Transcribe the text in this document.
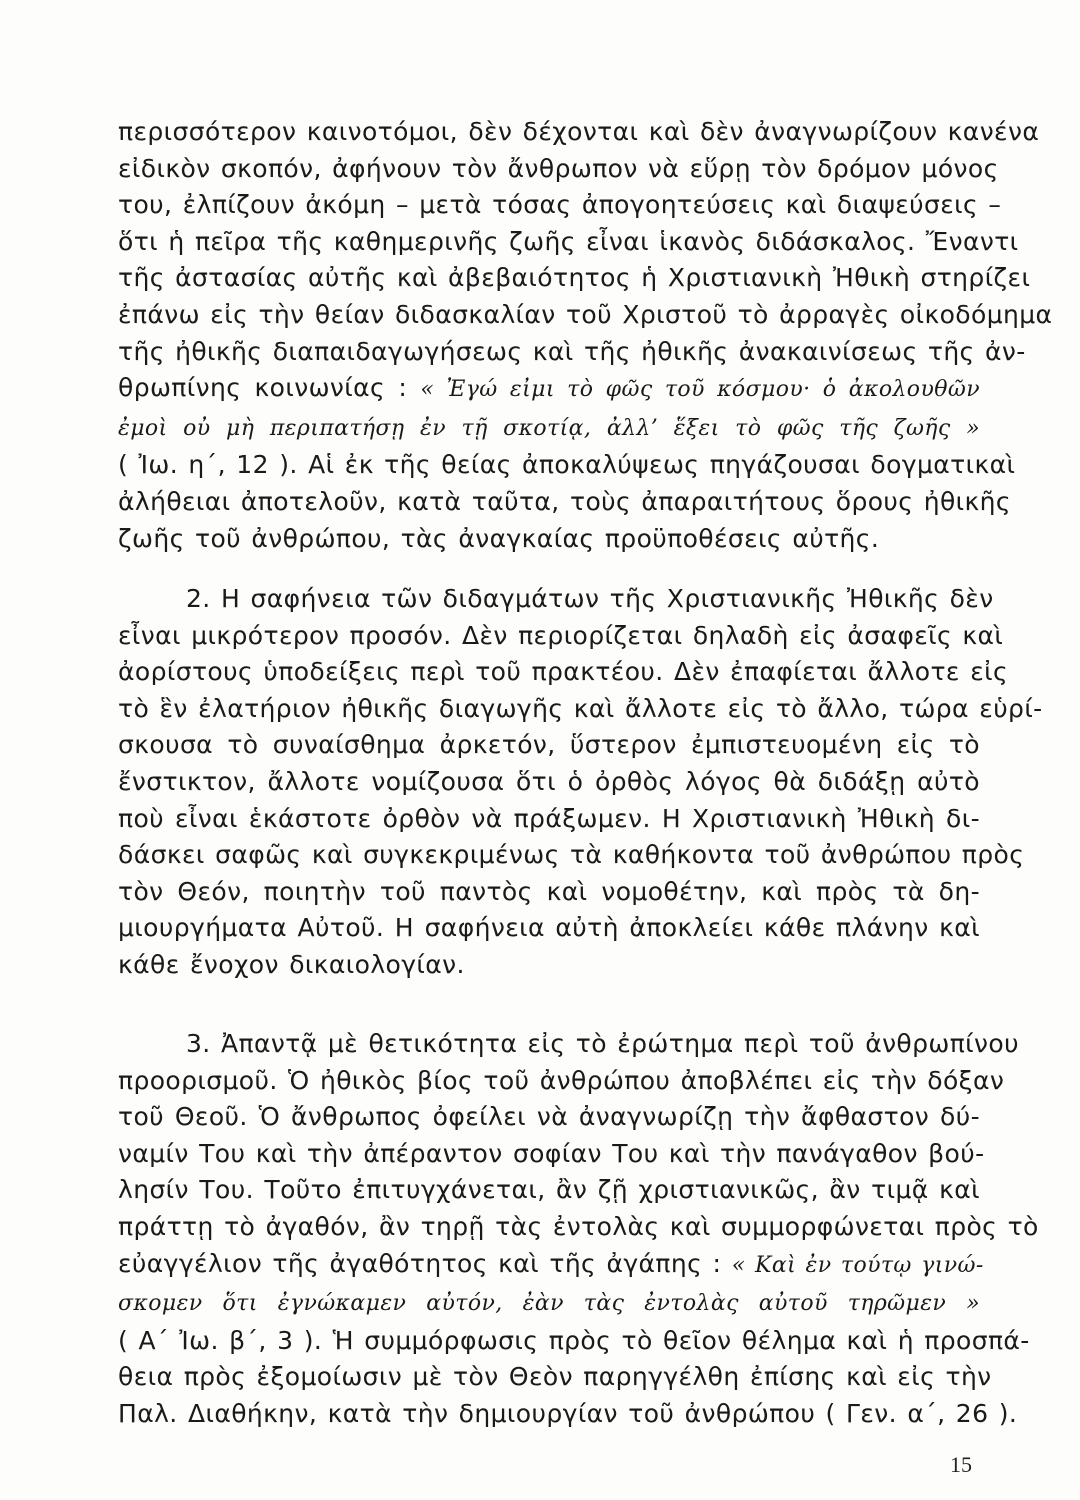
περισσότερον καινοτόμοι, δὲν δέχονται καὶ δὲν ἀναγνωρίζουν κανένα
εἰδικὸν σκοπόν, ἀφήνουν τὸν ἄνθρωπον νὰ εὕρῃ τὸν δρόμον μόνος
του, ἐλπίζουν ἀκόμη – μετὰ τόσας ἀπογοητεύσεις καὶ διαψεύσεις –
ὅτι ἡ πεῖρα τῆς καθημερινῆς ζωῆς εἶναι ἱκανὸς διδάσκαλος. Ἔναντι
τῆς ἀστασίας αὐτῆς καὶ ἀβεβαιότητος ἡ Χριστιανικὴ Ἠθικὴ στηρίζει
ἐπάνω εἰς τὴν θείαν διδασκαλίαν τοῦ Χριστοῦ τὸ ἀρραγὲς οἰκοδόμημα
τῆς ἠθικῆς διαπαιδαγωγήσεως καὶ τῆς ἠθικῆς ἀνακαινίσεως τῆς ἀν-
θρωπίνης κοινωνίας : « Ἐγώ εἰμι τὸ φῶς τοῦ κόσμου· ὁ ἀκολουθῶν
ἐμοὶ οὐ μὴ περιπατήσῃ ἐν τῇ σκοτίᾳ, ἀλλ’ ἕξει τὸ φῶς τῆς ζωῆς »
( Ἰω. η΄, 12 ). Αἱ ἐκ τῆς θείας ἀποκαλύψεως πηγάζουσαι δογματικαὶ
ἀλήθειαι ἀποτελοῦν, κατὰ ταῦτα, τοὺς ἀπαραιτήτους ὅρους ἠθικῆς
ζωῆς τοῦ ἀνθρώπου, τὰς ἀναγκαίας προϋποθέσεις αὐτῆς.
2. Η σαφήνεια τῶν διδαγμάτων τῆς Χριστιανικῆς Ἠθικῆς δὲν
εἶναι μικρότερον προσόν. Δὲν περιορίζεται δηλαδὴ εἰς ἀσαφεῖς καὶ
ἀορίστους ὑποδείξεις περὶ τοῦ πρακτέου. Δὲν ἐπαφίεται ἄλλοτε εἰς
τὸ ἓν ἐλατήριον ἠθικῆς διαγωγῆς καὶ ἄλλοτε εἰς τὸ ἄλλο, τώρα εὑρί-
σκουσα τὸ συναίσθημα ἀρκετόν, ὕστερον ἐμπιστευομένη εἰς τὸ
ἔνστικτον, ἄλλοτε νομίζουσα ὅτι ὁ ὀρθὸς λόγος θὰ διδάξῃ αὐτὸ
ποὺ εἶναι ἑκάστοτε ὀρθὸν νὰ πράξωμεν. Η Χριστιανικὴ Ἠθικὴ δι-
δάσκει σαφῶς καὶ συγκεκριμένως τὰ καθήκοντα τοῦ ἀνθρώπου πρὸς
τὸν Θεόν, ποιητὴν τοῦ παντὸς καὶ νομοθέτην, καὶ πρὸς τὰ δη-
μιουργήματα Αὐτοῦ. Η σαφήνεια αὐτὴ ἀποκλείει κάθε πλάνην καὶ
κάθε ἔνοχον δικαιολογίαν.
3. Ἀπαντᾷ μὲ θετικότητα εἰς τὸ ἐρώτημα περὶ τοῦ ἀνθρωπίνου
προορισμοῦ. Ὁ ἠθικὸς βίος τοῦ ἀνθρώπου ἀποβλέπει εἰς τὴν δόξαν
τοῦ Θεοῦ. Ὁ ἄνθρωπος ὀφείλει νὰ ἀναγνωρίζῃ τὴν ἄφθαστον δύ-
ναμίν Του καὶ τὴν ἀπέραντον σοφίαν Του καὶ τὴν πανάγαθον βού-
λησίν Του. Τοῦτο ἐπιτυγχάνεται, ἂν ζῇ χριστιανικῶς, ἂν τιμᾷ καὶ
πράττῃ τὸ ἀγαθόν, ἂν τηρῇ τὰς ἐντολὰς καὶ συμμορφώνεται πρὸς τὸ
εὐαγγέλιον τῆς ἀγαθότητος καὶ τῆς ἀγάπης : « Καὶ ἐν τούτῳ γινώ-
σκομεν ὅτι ἐγνώκαμεν αὐτόν, ἐὰν τὰς ἐντολὰς αὐτοῦ τηρῶμεν »
( Α΄ Ἰω. β΄, 3 ). Ἡ συμμόρφωσις πρὸς τὸ θεῖον θέλημα καὶ ἡ προσπά-
θεια πρὸς ἐξομοίωσιν μὲ τὸν Θεὸν παρηγγέλθη ἐπίσης καὶ εἰς τὴν
Παλ. Διαθήκην, κατὰ τὴν δημιουργίαν τοῦ ἀνθρώπου ( Γεν. α΄, 26 ).
15
